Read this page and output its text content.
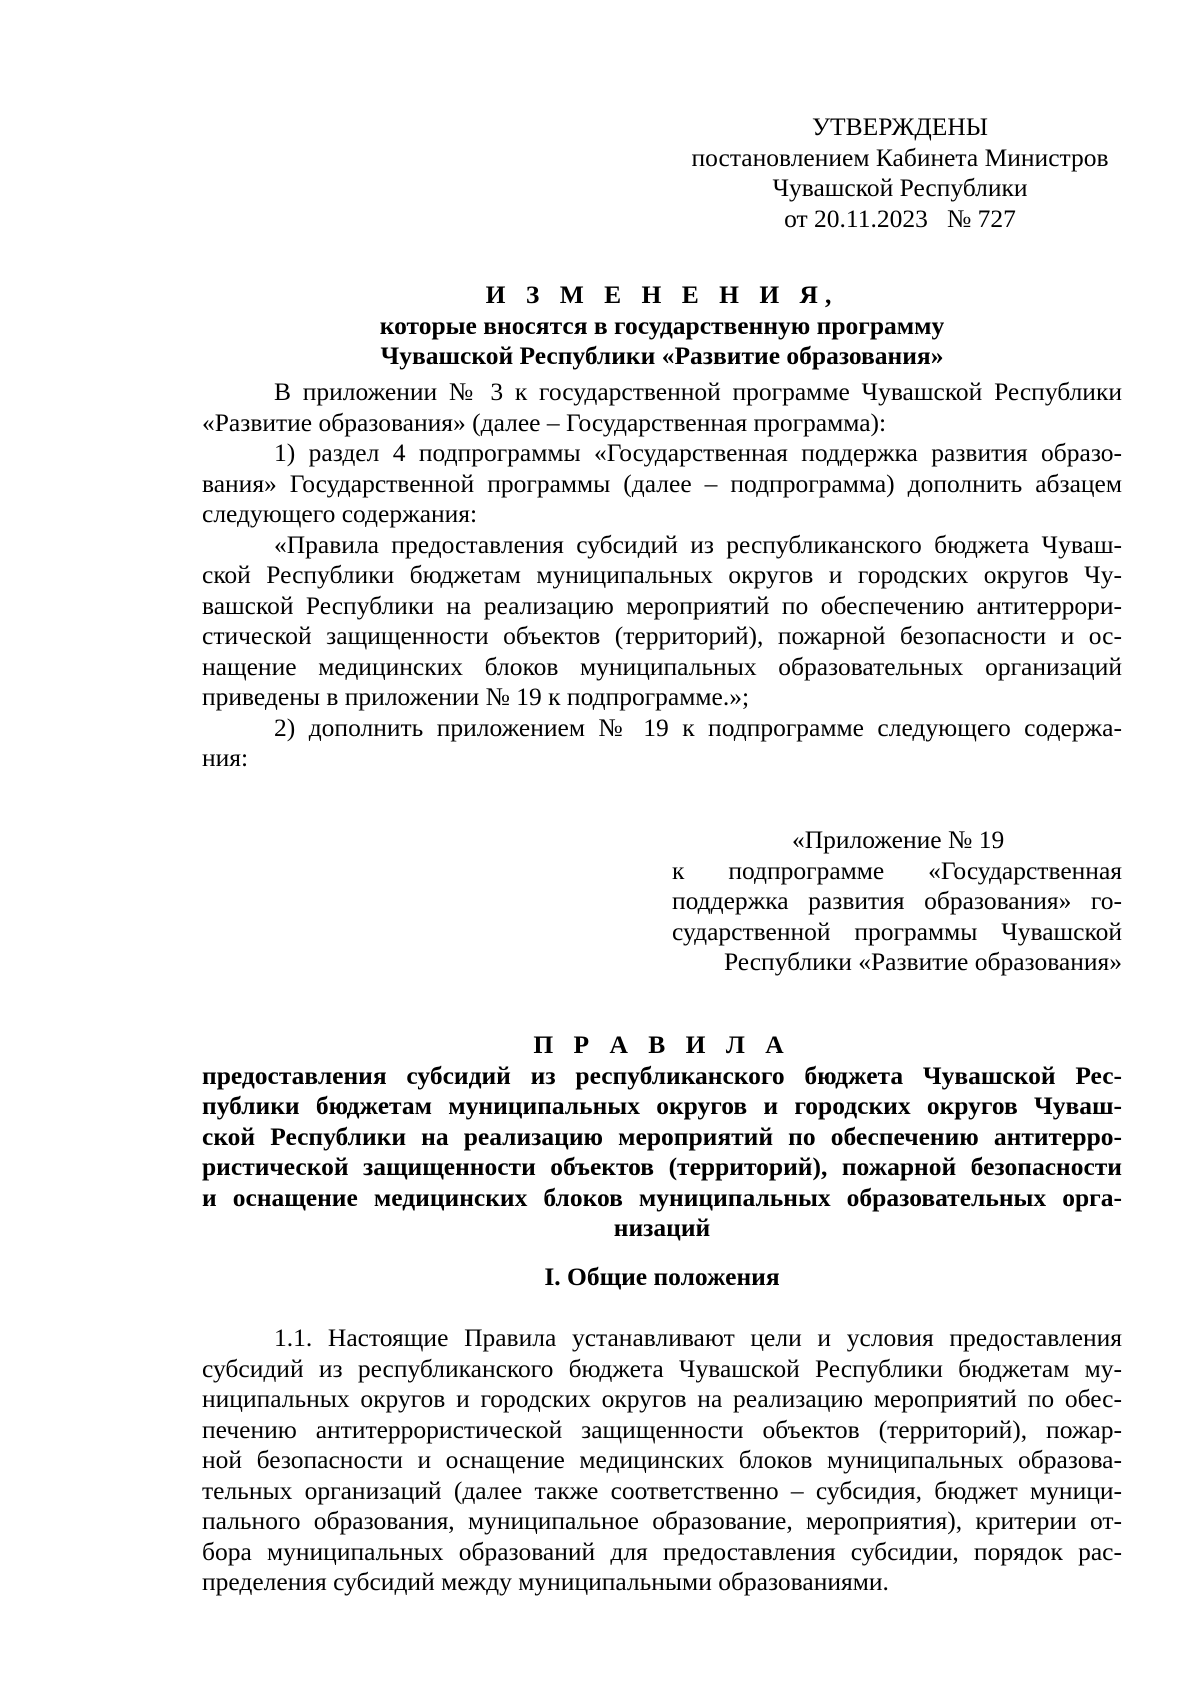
УТВЕРЖДЕНЫ
постановлением Кабинета Министров
Чувашской Республики
от 20.11.2023   № 727
И З М Е Н Е Н И Я,
которые вносятся в государственную программу
Чувашской Республики «Развитие образования»
В приложении № 3 к государственной программе Чувашской Республики
«Развитие образования» (далее – Государственная программа):
1) раздел 4 подпрограммы «Государственная поддержка развития образо-
вания» Государственной программы (далее – подпрограмма) дополнить абзацем
следующего содержания:
«Правила предоставления субсидий из республиканского бюджета Чуваш-
ской Республики бюджетам муниципальных округов и городских округов Чу-
вашской Республики на реализацию мероприятий по обеспечению антитеррори-
стической защищенности объектов (территорий), пожарной безопасности и ос-
нащение медицинских блоков муниципальных образовательных организаций
приведены в приложении № 19 к подпрограмме.»;
2) дополнить приложением № 19 к подпрограмме следующего содержа-
ния:
«Приложение № 19
к подпрограмме «Государственная
поддержка развития образования» го-
сударственной программы Чувашской
Республики «Развитие образования»
П Р А В И Л А
предоставления субсидий из республиканского бюджета Чувашской Рес-
публики бюджетам муниципальных округов и городских округов Чуваш-
ской Республики на реализацию мероприятий по обеспечению антитерро-
ристической защищенности объектов (территорий), пожарной безопасности
и оснащение медицинских блоков муниципальных образовательных орга-
низаций
I. Общие положения
1.1. Настоящие Правила устанавливают цели и условия предоставления
субсидий из республиканского бюджета Чувашской Республики бюджетам му-
ниципальных округов и городских округов на реализацию мероприятий по обес-
печению антитеррористической защищенности объектов (территорий), пожар-
ной безопасности и оснащение медицинских блоков муниципальных образова-
тельных организаций (далее также соответственно – субсидия, бюджет муници-
пального образования, муниципальное образование, мероприятия), критерии от-
бора муниципальных образований для предоставления субсидии, порядок рас-
пределения субсидий между муниципальными образованиями.
